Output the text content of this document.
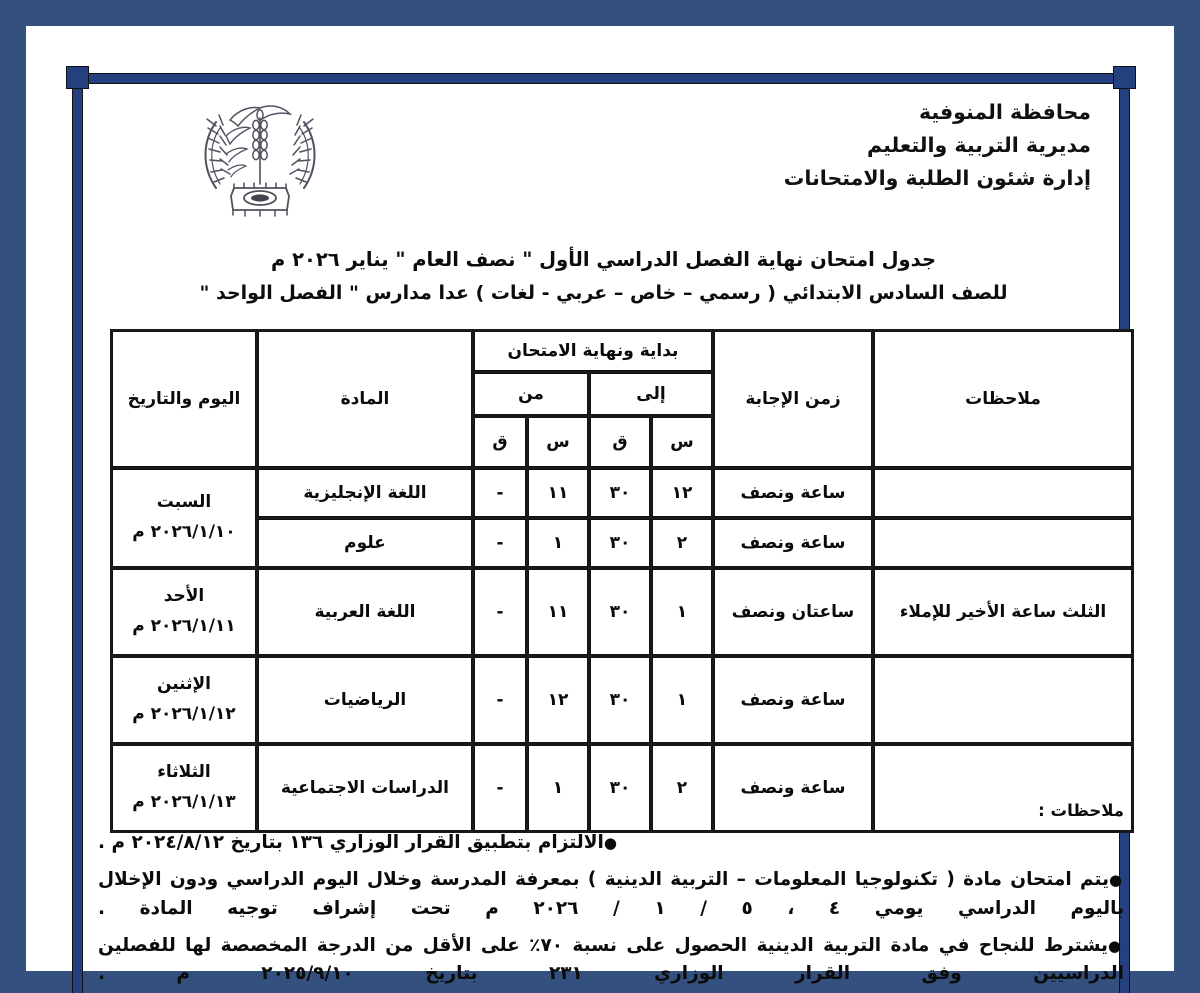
محافظة المنوفية
مديرية التربية والتعليم
إدارة شئون الطلبة والامتحانات
جدول امتحان نهاية الفصل الدراسي الأول " نصف العام " يناير ٢٠٢٦ م
للصف السادس الابتدائي ( رسمي – خاص – عربي - لغات ) عدا مدارس " الفصل الواحد "
ملاحظات	زمن الإجابة	بداية ونهاية الامتحان				المادة	اليوم والتاريخ
		إلى		من			
		س	ق	س	ق		
	ساعة ونصف	١٢	٣٠	١١	-	اللغة الإنجليزية	السبت
٢٠٢٦/١/١٠ م

	ساعة ونصف	٢	٣٠	١	-	علوم	
الثلث ساعة الأخير للإملاء	ساعتان ونصف	١	٣٠	١١	-	اللغة العربية	الأحد
٢٠٢٦/١/١١ م

	ساعة ونصف	١	٣٠	١٢	-	الرياضيات	الإثنين
٢٠٢٦/١/١٢ م

	ساعة ونصف	٢	٣٠	١	-	الدراسات الاجتماعية	الثلاثاء
٢٠٢٦/١/١٣ م	ملاحظات :
●الالتزام بتطبيق القرار الوزاري ١٣٦ بتاريخ ٢٠٢٤/٨/١٢ م .
●يتم امتحان مادة ( تكنولوجيا المعلومات – التربية الدينية ) بمعرفة المدرسة وخلال اليوم الدراسي ودون الإخلال باليوم الدراسي يومي ٤ ، ٥ / ١ / ٢٠٢٦ م تحت إشراف توجيه المادة .
●يشترط للنجاح في مادة التربية الدينية الحصول على نسبة ٧٠٪ على الأقل من الدرجة المخصصة لها للفصلين الدراسيين وفق القرار الوزاري ٢٣١ بتاريخ ٢٠٢٥/٩/١٠ م .
